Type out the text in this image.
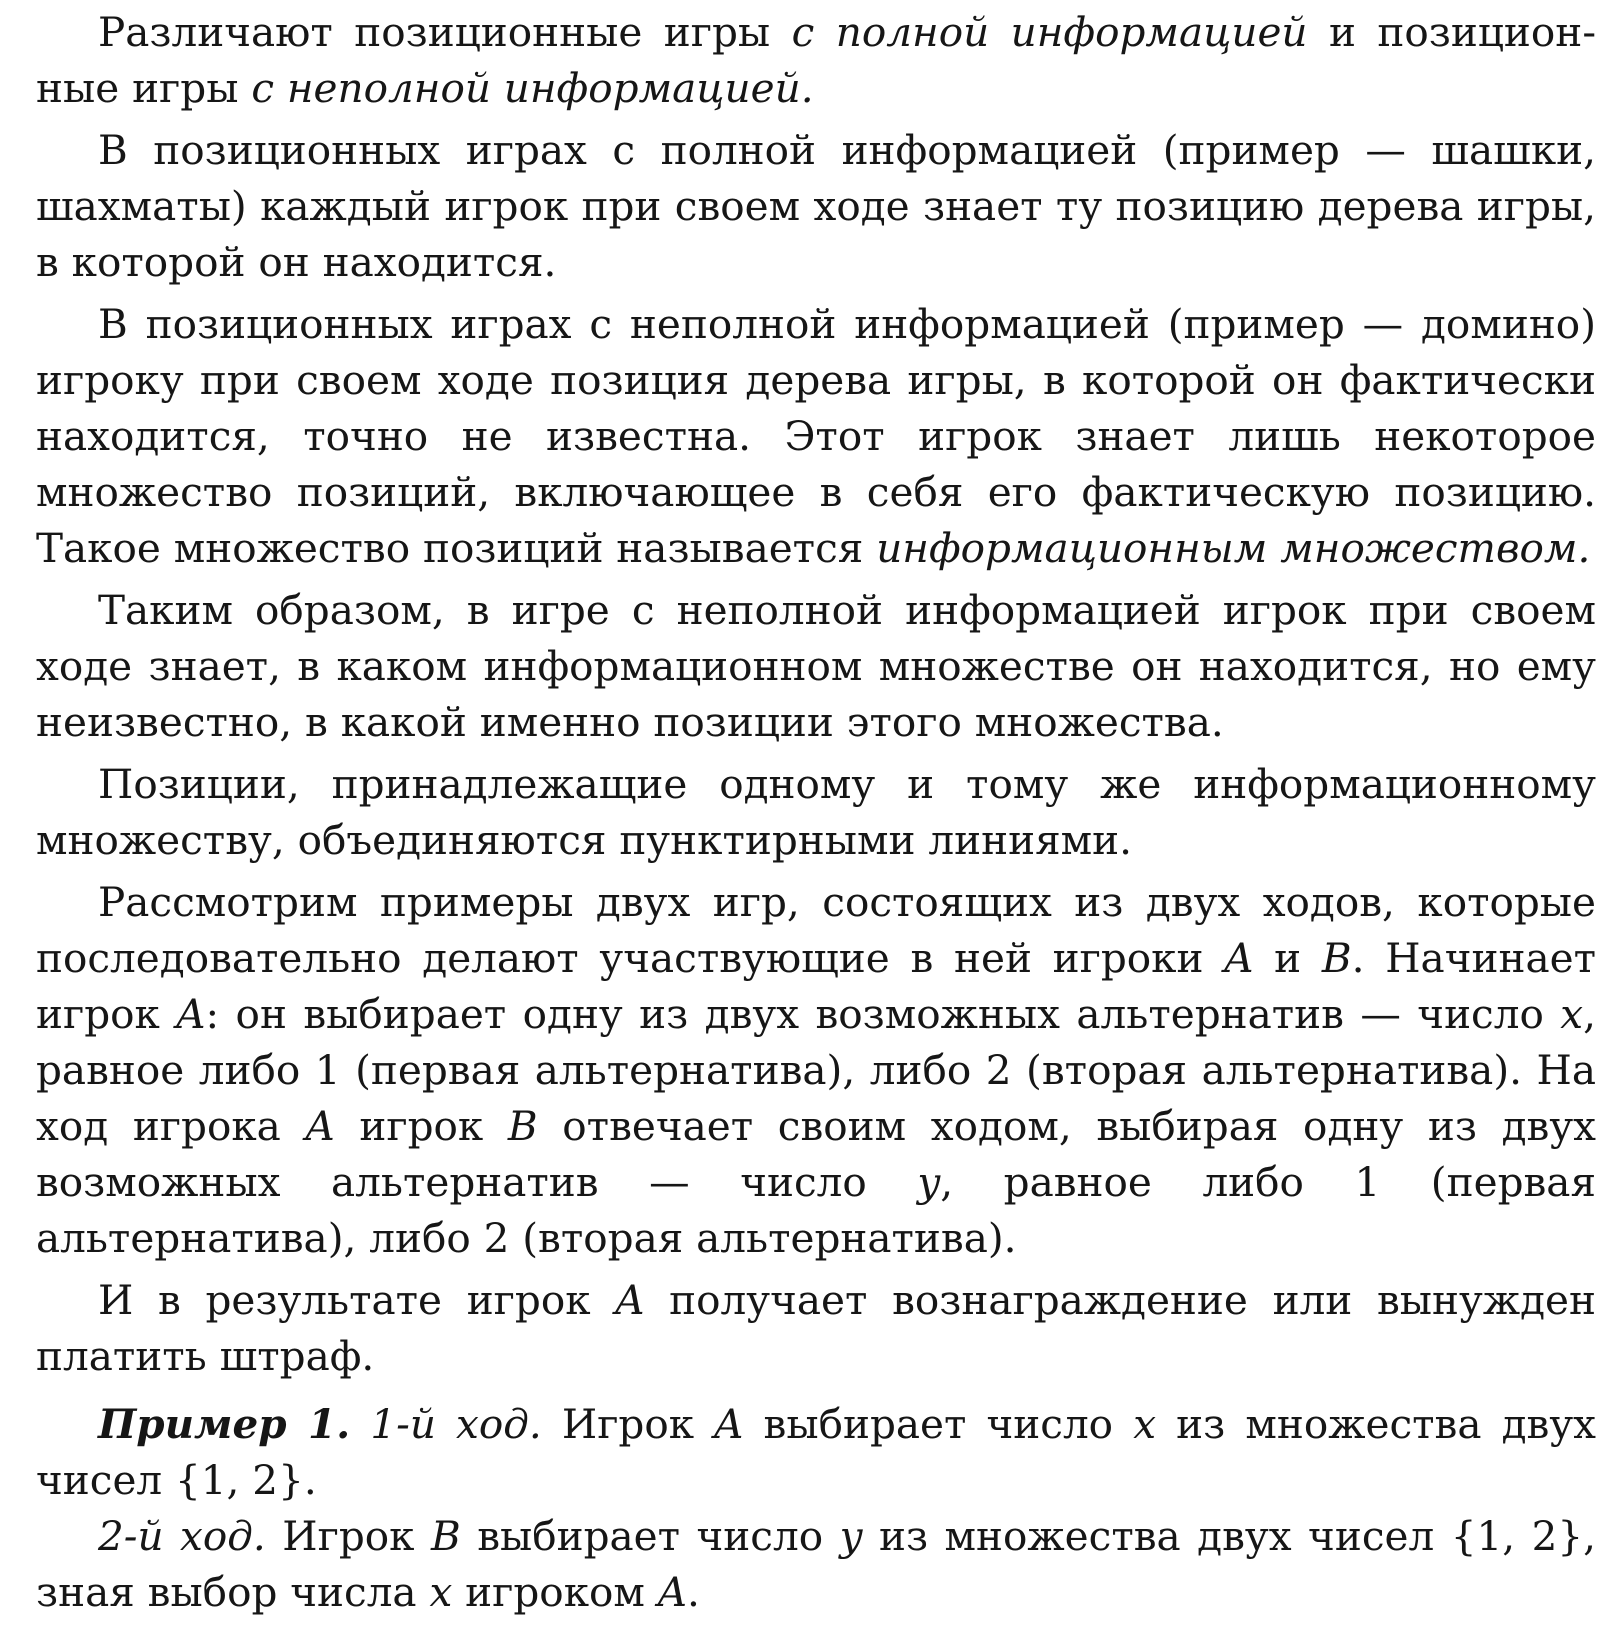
Различают позиционные игры с полной информацией и позиционные игры с неполной информацией.

В позиционных играх с полной информацией (пример — шашки, шахматы) каждый игрок при своем ходе знает ту позицию дерева игры, в которой он находится.

В позиционных играх с неполной информацией (пример — домино) игроку при своем ходе позиция дерева игры, в которой он фактически находится, точно не известна. Этот игрок знает лишь некоторое множество позиций, включающее в себя его фактическую позицию. Такое множество позиций называется информационным множеством.

Таким образом, в игре с неполной информацией игрок при своем ходе знает, в каком информационном множестве он находится, но ему неизвестно, в какой именно позиции этого множества.

Позиции, принадлежащие одному и тому же информационному множеству, объединяются пунктирными линиями.

Рассмотрим примеры двух игр, состоящих из двух ходов, которые последовательно делают участвующие в ней игроки A и B. Начинает игрок A: он выбирает одну из двух возможных альтернатив — число x, равное либо 1 (первая альтернатива), либо 2 (вторая альтернатива). На ход игрока A игрок B отвечает своим ходом, выбирая одну из двух возможных альтернатив — число y, равное либо 1 (первая альтернатива), либо 2 (вторая альтернатива).

И в результате игрок A получает вознаграждение или вынужден платить штраф.

Пример 1. 1-й ход. Игрок A выбирает число x из множества двух чисел {1, 2}.

2-й ход. Игрок B выбирает число y из множества двух чисел {1, 2}, зная выбор числа x игроком A.
